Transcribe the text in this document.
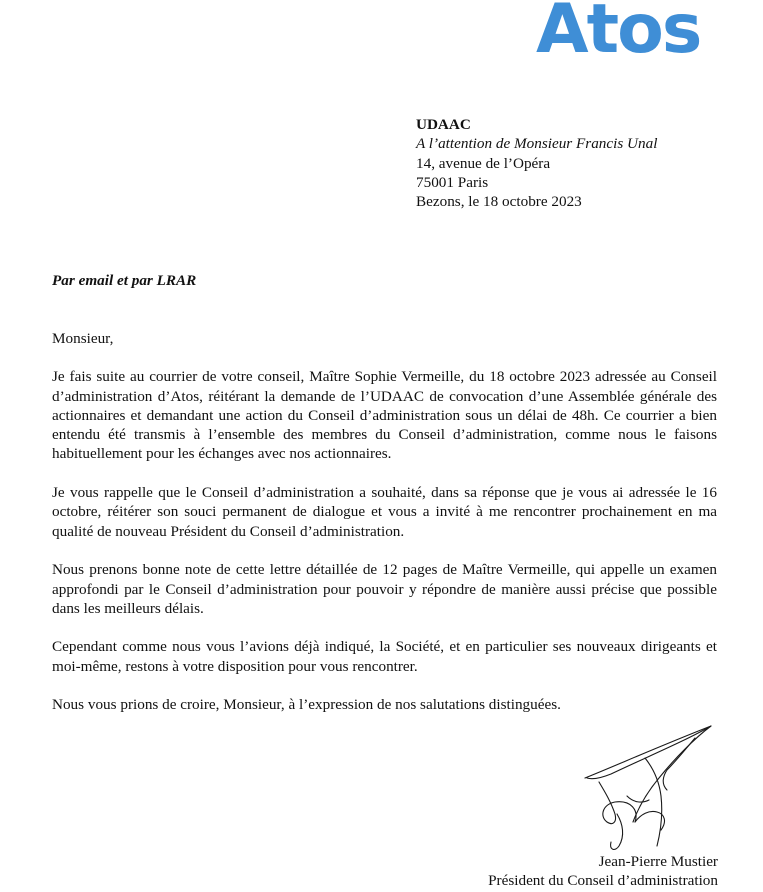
Atos
UDAAC
A l’attention de Monsieur Francis Unal
14, avenue de l’Opéra
75001 Paris
Bezons, le 18 octobre 2023
Par email et par LRAR

Monsieur,

Je fais suite au courrier de votre conseil, Maître Sophie Vermeille, du 18 octobre 2023 adressée au Conseil d’administration d’Atos, réitérant la demande de l’UDAAC de convocation d’une Assemblée générale des actionnaires et demandant une action du Conseil d’administration sous un délai de 48h. Ce courrier a bien entendu été transmis à l’ensemble des membres du Conseil d’administration, comme nous le faisons habituellement pour les échanges avec nos actionnaires.

Je vous rappelle que le Conseil d’administration a souhaité, dans sa réponse que je vous ai adressée le 16 octobre, réitérer son souci permanent de dialogue et vous a invité à me rencontrer prochainement en ma qualité de nouveau Président du Conseil d’administration.

Nous prenons bonne note de cette lettre détaillée de 12 pages de Maître Vermeille, qui appelle un examen approfondi par le Conseil d’administration pour pouvoir y répondre de manière aussi précise que possible dans les meilleurs délais.

Cependant comme nous vous l’avions déjà indiqué, la Société, et en particulier ses nouveaux dirigeants et moi-même, restons à votre disposition pour vous rencontrer.

Nous vous prions de croire, Monsieur, à l’expression de nos salutations distinguées.

Jean-Pierre Mustier
Président du Conseil d’administration
